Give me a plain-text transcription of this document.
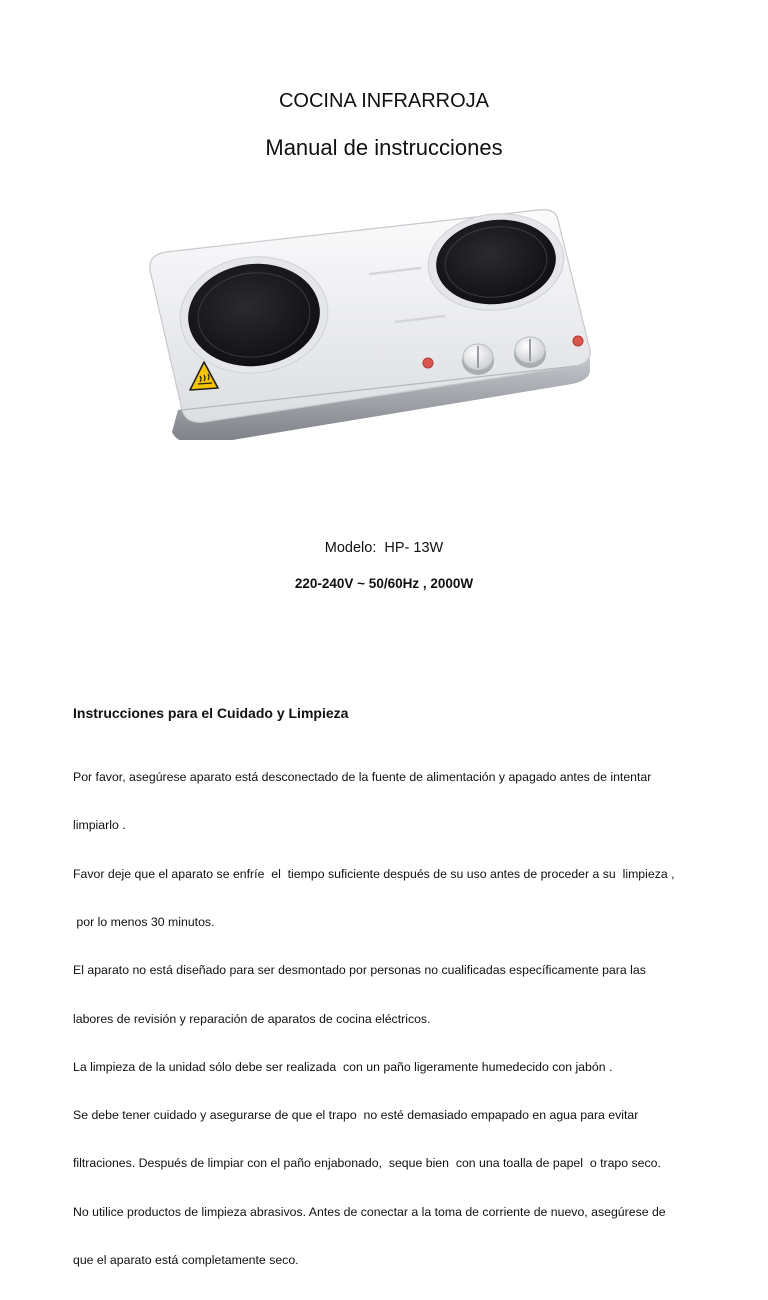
COCINA INFRARROJA
Manual de instrucciones
Modelo:  HP- 13W
220-240V ~ 50/60Hz , 2000W
Instrucciones para el Cuidado y Limpieza

Por favor, asegúrese aparato está desconectado de la fuente de alimentación y apagado antes de intentar

limpiarlo .

Favor deje que el aparato se enfríe  el  tiempo suficiente después de su uso antes de proceder a su  limpieza ,

por lo menos 30 minutos.

El aparato no está diseñado para ser desmontado por personas no cualificadas específicamente para las

labores de revisión y reparación de aparatos de cocina eléctricos.

La limpieza de la unidad sólo debe ser realizada  con un paño ligeramente humedecido con jabón .

Se debe tener cuidado y asegurarse de que el trapo  no esté demasiado empapado en agua para evitar

filtraciones. Después de limpiar con el paño enjabonado,  seque bien  con una toalla de papel  o trapo seco.

No utilice productos de limpieza abrasivos. Antes de conectar a la toma de corriente de nuevo, asegúrese de

que el aparato está completamente seco.
